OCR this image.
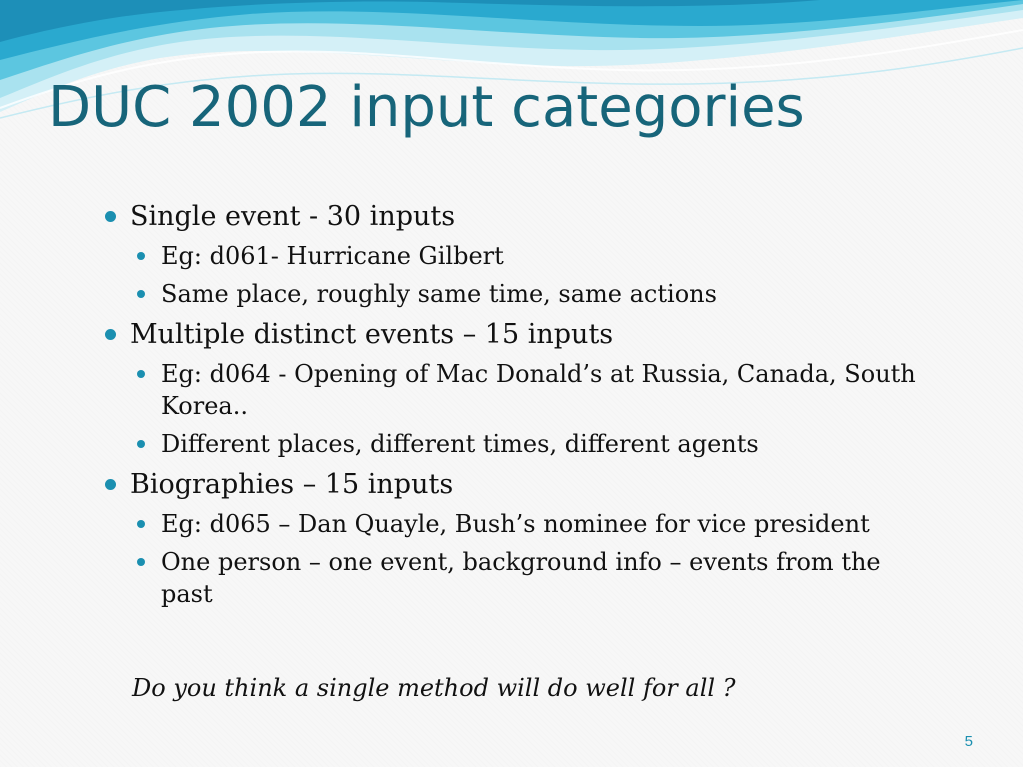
DUC 2002 input categories
Single event - 30 inputs
Eg: d061- Hurricane Gilbert
Same place, roughly same time, same actions
Multiple distinct events – 15 inputs
Eg: d064 - Opening of Mac Donald’s at Russia, Canada, South Korea..
Different places, different times, different agents
Biographies – 15 inputs
Eg: d065 – Dan Quayle, Bush’s nominee for vice president
One person – one event, background info – events from the past

Do you think a single method will do well for all ?

5
